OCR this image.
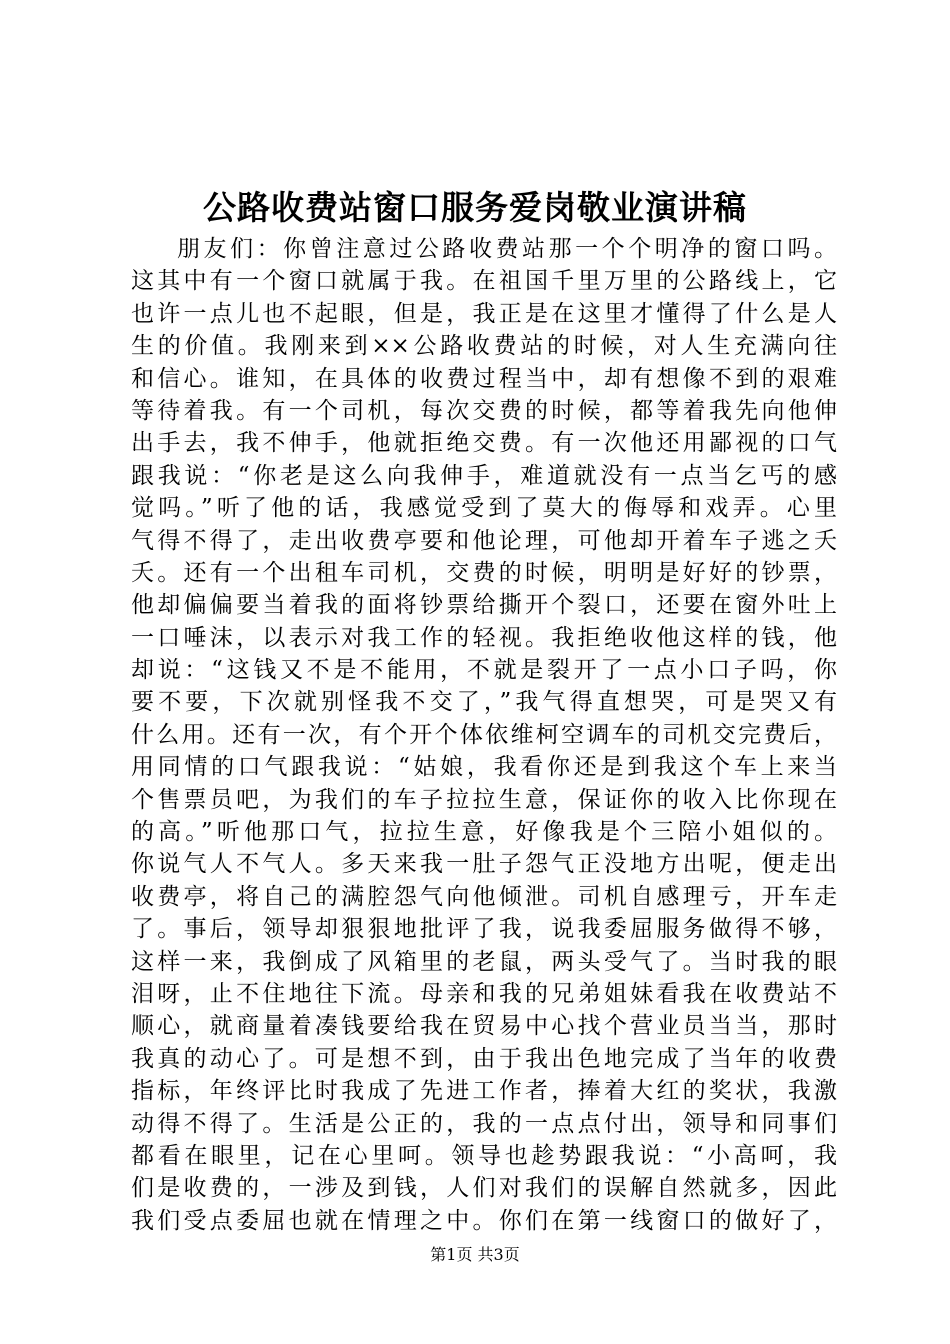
公路收费站窗口服务爱岗敬业演讲稿
朋友们：你曾注意过公路收费站那一个个明净的窗口吗。
这其中有一个窗口就属于我。在祖国千里万里的公路线上，它
也许一点儿也不起眼，但是，我正是在这里才懂得了什么是人
生的价值。我刚来到××公路收费站的时候，对人生充满向往
和信心。谁知，在具体的收费过程当中，却有想像不到的艰难
等待着我。有一个司机，每次交费的时候，都等着我先向他伸
出手去，我不伸手，他就拒绝交费。有一次他还用鄙视的口气
跟我说：“你老是这么向我伸手，难道就没有一点当乞丐的感
觉吗。”听了他的话，我感觉受到了莫大的侮辱和戏弄。心里
气得不得了，走出收费亭要和他论理，可他却开着车子逃之夭
夭。还有一个出租车司机，交费的时候，明明是好好的钞票，
他却偏偏要当着我的面将钞票给撕开个裂口，还要在窗外吐上
一口唾沫，以表示对我工作的轻视。我拒绝收他这样的钱，他
却说：“这钱又不是不能用，不就是裂开了一点小口子吗，你
要不要，下次就别怪我不交了，”我气得直想哭，可是哭又有
什么用。还有一次，有个开个体依维柯空调车的司机交完费后，
用同情的口气跟我说：“姑娘，我看你还是到我这个车上来当
个售票员吧，为我们的车子拉拉生意，保证你的收入比你现在
的高。”听他那口气，拉拉生意，好像我是个三陪小姐似的。
你说气人不气人。多天来我一肚子怨气正没地方出呢，便走出
收费亭，将自己的满腔怨气向他倾泄。司机自感理亏，开车走
了。事后，领导却狠狠地批评了我，说我委屈服务做得不够，
这样一来，我倒成了风箱里的老鼠，两头受气了。当时我的眼
泪呀，止不住地往下流。母亲和我的兄弟姐妹看我在收费站不
顺心，就商量着凑钱要给我在贸易中心找个营业员当当，那时
我真的动心了。可是想不到，由于我出色地完成了当年的收费
指标，年终评比时我成了先进工作者，捧着大红的奖状，我激
动得不得了。生活是公正的，我的一点点付出，领导和同事们
都看在眼里，记在心里呵。领导也趁势跟我说：“小高呵，我
们是收费的，一涉及到钱，人们对我们的误解自然就多，因此
我们受点委屈也就在情理之中。你们在第一线窗口的做好了，
第1页 共3页
